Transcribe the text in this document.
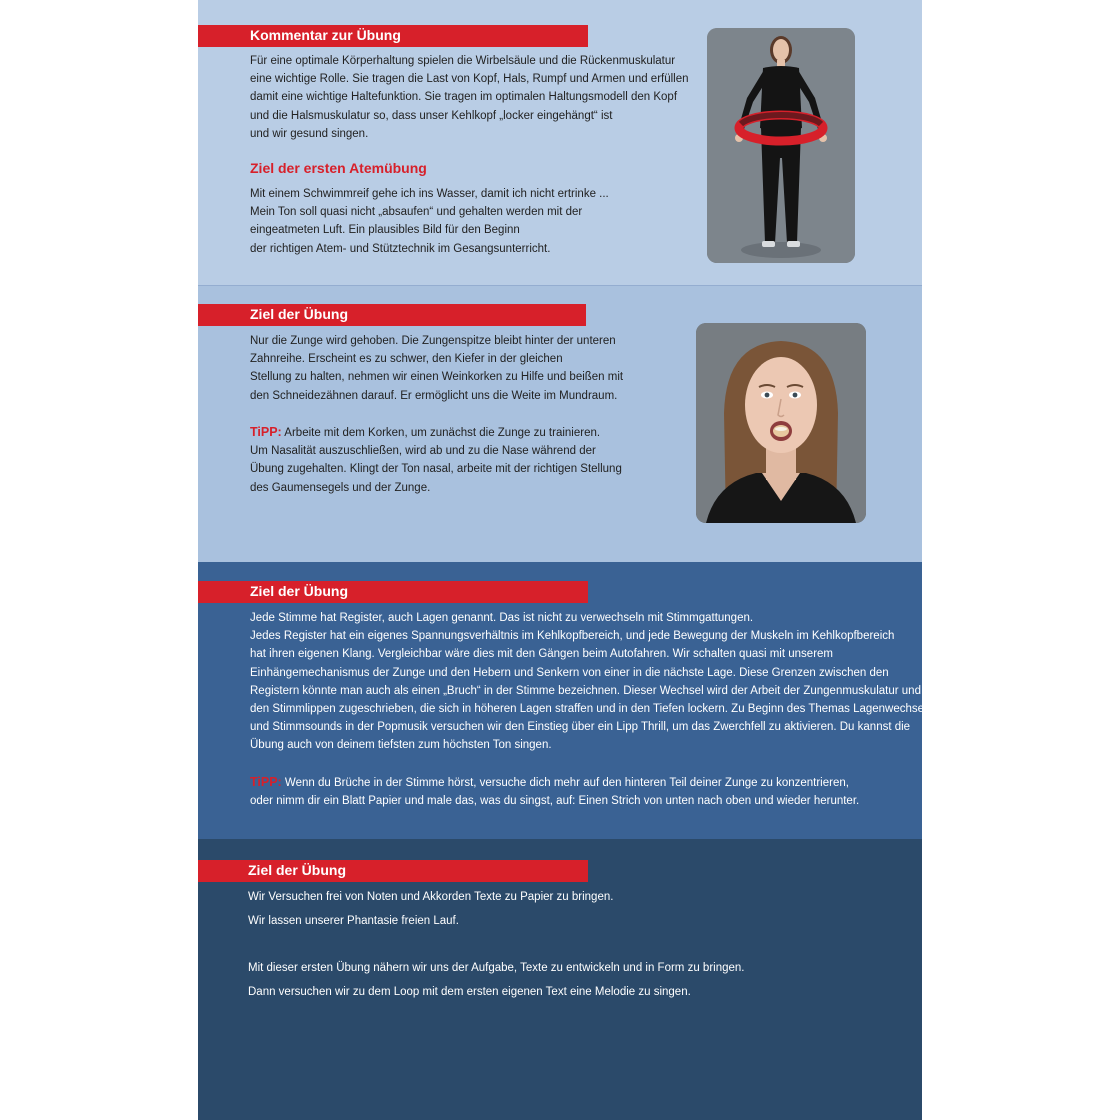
Kommentar zur Übung
Für eine optimale Körperhaltung spielen die Wirbelsäule und die Rückenmuskulatur
eine wichtige Rolle. Sie tragen die Last von Kopf, Hals, Rumpf und Armen und erfüllen
damit eine wichtige Haltefunktion. Sie tragen im optimalen Haltungsmodell den Kopf
und die Halsmuskulatur so, dass unser Kehlkopf „locker eingehängt“ ist
und wir gesund singen.
Ziel der ersten Atemübung
Mit einem Schwimmreif gehe ich ins Wasser, damit ich nicht ertrinke ...
Mein Ton soll quasi nicht „absaufen“ und gehalten werden mit der
eingeatmeten Luft. Ein plausibles Bild für den Beginn
der richtigen Atem- und Stütztechnik im Gesangsunterricht.
Ziel der Übung
Nur die Zunge wird gehoben. Die Zungenspitze bleibt hinter der unteren
Zahnreihe. Erscheint es zu schwer, den Kiefer in der gleichen
Stellung zu halten, nehmen wir einen Weinkorken zu Hilfe und beißen mit
den Schneidezähnen darauf. Er ermöglicht uns die Weite im Mundraum.
TiPP: Arbeite mit dem Korken, um zunächst die Zunge zu trainieren.
Um Nasalität auszuschließen, wird ab und zu die Nase während der
Übung zugehalten. Klingt der Ton nasal, arbeite mit der richtigen Stellung
des Gaumensegels und der Zunge.
Ziel der Übung
Jede Stimme hat Register, auch Lagen genannt. Das ist nicht zu verwechseln mit Stimmgattungen.
Jedes Register hat ein eigenes Spannungsverhältnis im Kehlkopfbereich, und jede Bewegung der Muskeln im Kehlkopfbereich
hat ihren eigenen Klang. Vergleichbar wäre dies mit den Gängen beim Autofahren. Wir schalten quasi mit unserem
Einhängemechanismus der Zunge und den Hebern und Senkern von einer in die nächste Lage. Diese Grenzen zwischen den
Registern könnte man auch als einen „Bruch“ in der Stimme bezeichnen. Dieser Wechsel wird der Arbeit der Zungenmuskulatur und
den Stimmlippen zugeschrieben, die sich in höheren Lagen straffen und in den Tiefen lockern. Zu Beginn des Themas Lagenwechsel
und Stimmsounds in der Popmusik versuchen wir den Einstieg über ein Lipp Thrill, um das Zwerchfell zu aktivieren. Du kannst die
Übung auch von deinem tiefsten zum höchsten Ton singen.
TiPP: Wenn du Brüche in der Stimme hörst, versuche dich mehr auf den hinteren Teil deiner Zunge zu konzentrieren,
oder nimm dir ein Blatt Papier und male das, was du singst, auf: Einen Strich von unten nach oben und wieder herunter.
Ziel der Übung
Wir Versuchen frei von Noten und Akkorden Texte zu Papier zu bringen.
Wir lassen unserer Phantasie freien Lauf.
Mit dieser ersten Übung nähern wir uns der Aufgabe, Texte zu entwickeln und in Form zu bringen.
Dann versuchen wir zu dem Loop mit dem ersten eigenen Text eine Melodie zu singen.
